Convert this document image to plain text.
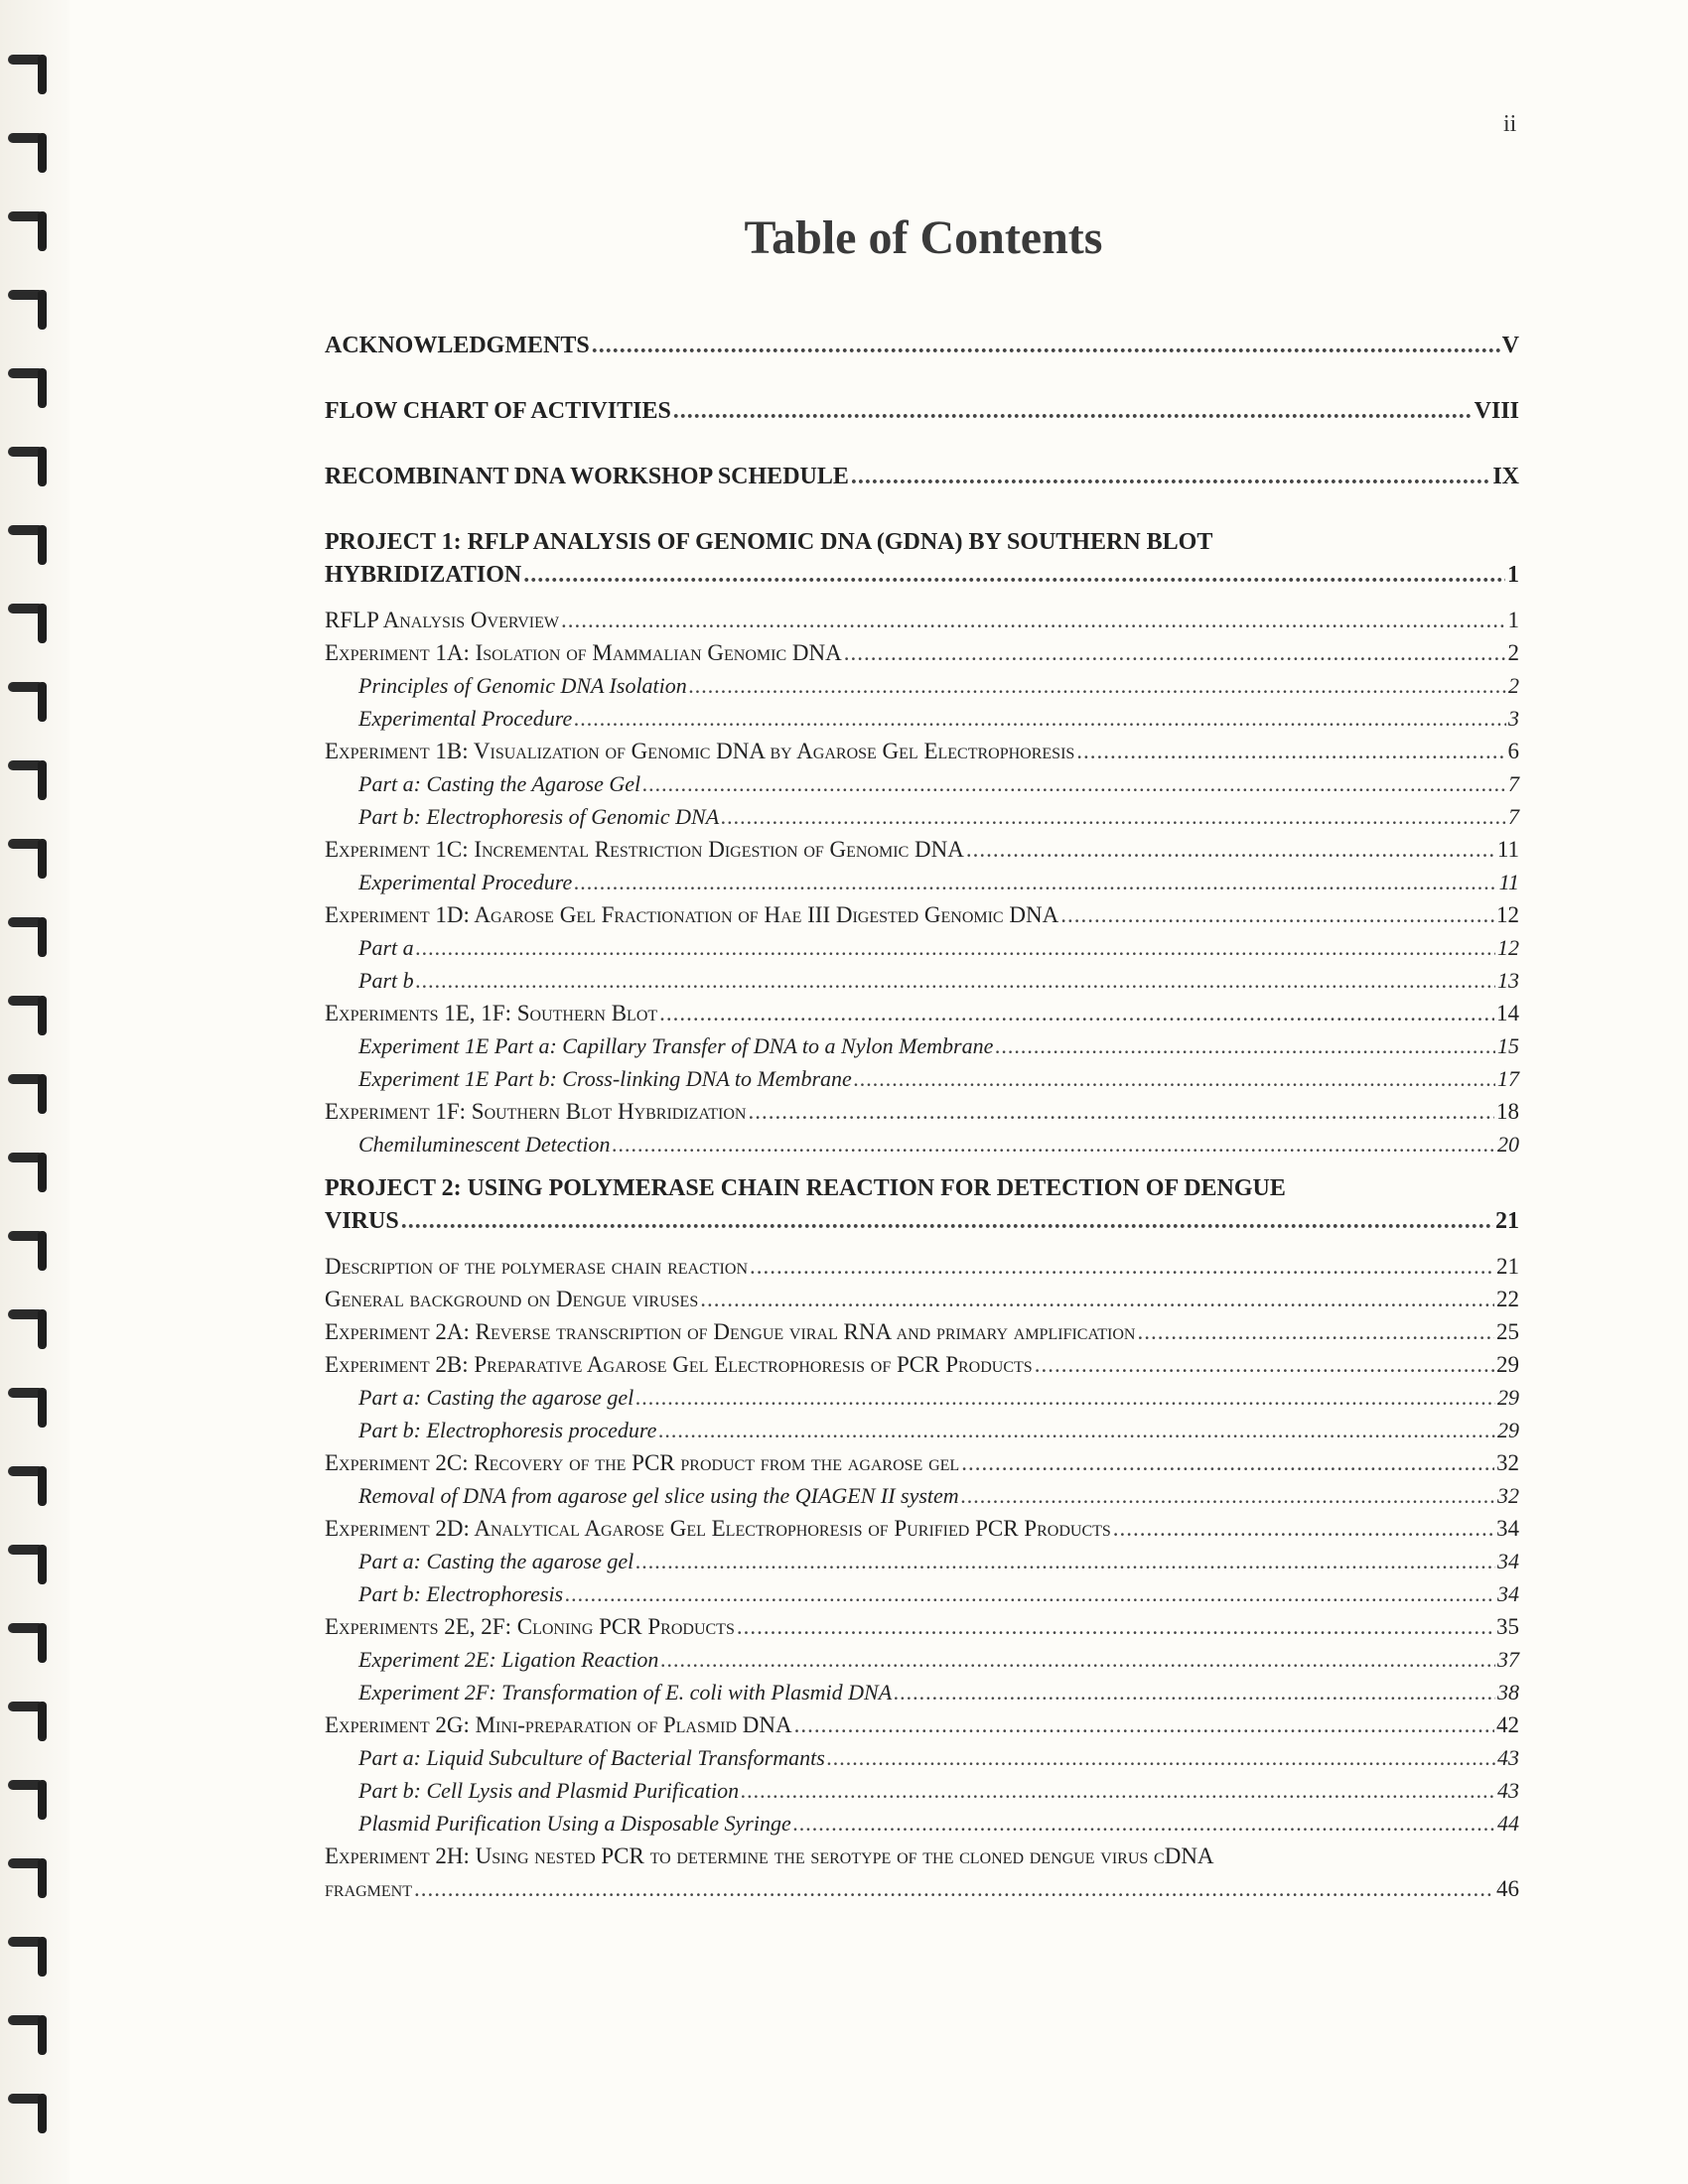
ii
Table of Contents
ACKNOWLEDGMENTS .....	V
FLOW CHART OF ACTIVITIES .....	VIII
RECOMBINANT DNA WORKSHOP SCHEDULE .....	IX
PROJECT 1: RFLP ANALYSIS OF GENOMIC DNA (GDNA) BY SOUTHERN BLOT
HYBRIDIZATION .....	1
RFLP Analysis Overview .....	1
Experiment 1A: Isolation of Mammalian Genomic DNA .....	2
Principles of Genomic DNA Isolation .....	2
Experimental Procedure .....	3
Experiment 1B: Visualization of Genomic DNA by Agarose Gel Electrophoresis .....	6
Part a: Casting the Agarose Gel .....	7
Part b: Electrophoresis of Genomic DNA .....	7
Experiment 1C: Incremental Restriction Digestion of Genomic DNA .....	11
Experimental Procedure .....	11
Experiment 1D: Agarose Gel Fractionation of Hae III Digested Genomic DNA .....	12
Part a .....	12
Part b .....	13
Experiments 1E, 1F: Southern Blot .....	14
Experiment 1E Part a: Capillary Transfer of DNA to a Nylon Membrane .....	15
Experiment 1E Part b: Cross-linking DNA to Membrane .....	17
Experiment 1F: Southern Blot Hybridization .....	18
Chemiluminescent Detection .....	20
PROJECT 2: USING POLYMERASE CHAIN REACTION FOR DETECTION OF DENGUE
VIRUS .....	21
Description of the polymerase chain reaction .....	21
General background on Dengue viruses .....	22
Experiment 2A: Reverse transcription of Dengue viral RNA and primary amplification .....	25
Experiment 2B: Preparative Agarose Gel Electrophoresis of PCR Products .....	29
Part a: Casting the agarose gel .....	29
Part b: Electrophoresis procedure .....	29
Experiment 2C: Recovery of the PCR product from the agarose gel .....	32
Removal of DNA from agarose gel slice using the QIAGEN II system .....	32
Experiment 2D: Analytical Agarose Gel Electrophoresis of Purified PCR Products .....	34
Part a: Casting the agarose gel .....	34
Part b: Electrophoresis .....	34
Experiments 2E, 2F: Cloning PCR Products .....	35
Experiment 2E: Ligation Reaction .....	37
Experiment 2F: Transformation of E. coli with Plasmid DNA .....	38
Experiment 2G: Mini-preparation of Plasmid DNA .....	42
Part a: Liquid Subculture of Bacterial Transformants .....	43
Part b: Cell Lysis and Plasmid Purification .....	43
Plasmid Purification Using a Disposable Syringe .....	44
Experiment 2H: Using nested PCR to determine the serotype of the cloned dengue virus cDNA
fragment .....	46
